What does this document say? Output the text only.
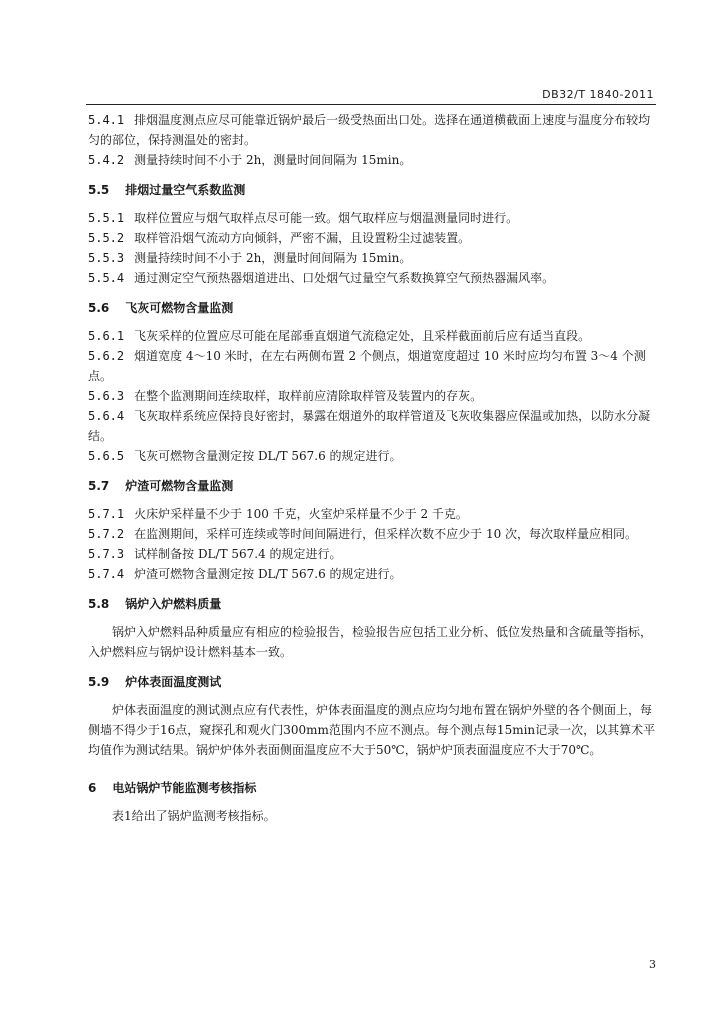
DB32/T 1840-2011
5.4.1 排烟温度测点应尽可能靠近锅炉最后一级受热面出口处。选择在通道横截面上速度与温度分布较均匀的部位，保持测温处的密封。
5.4.2 测量持续时间不小于 2h，测量时间间隔为 15min。
5.5 排烟过量空气系数监测
5.5.1 取样位置应与烟气取样点尽可能一致。烟气取样应与烟温测量同时进行。
5.5.2 取样管沿烟气流动方向倾斜，严密不漏，且设置粉尘过滤装置。
5.5.3 测量持续时间不小于 2h，测量时间间隔为 15min。
5.5.4 通过测定空气预热器烟道进出、口处烟气过量空气系数换算空气预热器漏风率。
5.6 飞灰可燃物含量监测
5.6.1 飞灰采样的位置应尽可能在尾部垂直烟道气流稳定处，且采样截面前后应有适当直段。
5.6.2 烟道宽度 4～10 米时，在左右两侧布置 2 个侧点，烟道宽度超过 10 米时应均匀布置 3～4 个测点。
5.6.3 在整个监测期间连续取样，取样前应清除取样管及装置内的存灰。
5.6.4 飞灰取样系统应保持良好密封，暴露在烟道外的取样管道及飞灰收集器应保温或加热，以防水分凝结。
5.6.5 飞灰可燃物含量测定按 DL/T 567.6 的规定进行。
5.7 炉渣可燃物含量监测
5.7.1 火床炉采样量不少于 100 千克，火室炉采样量不少于 2 千克。
5.7.2 在监测期间，采样可连续或等时间间隔进行，但采样次数不应少于 10 次，每次取样量应相同。
5.7.3 试样制备按 DL/T 567.4 的规定进行。
5.7.4 炉渣可燃物含量测定按 DL/T 567.6 的规定进行。
5.8 锅炉入炉燃料质量
锅炉入炉燃料品种质量应有相应的检验报告，检验报告应包括工业分析、低位发热量和含硫量等指标，入炉燃料应与锅炉设计燃料基本一致。
5.9 炉体表面温度测试
炉体表面温度的测试测点应有代表性，炉体表面温度的测点应均匀地布置在锅炉外壁的各个侧面上，每侧墙不得少于16点，窥探孔和观火门300mm范围内不应不测点。每个测点每15min记录一次，以其算术平均值作为测试结果。锅炉炉体外表面侧面温度应不大于50℃，锅炉炉顶表面温度应不大于70℃。
6 电站锅炉节能监测考核指标
表1给出了锅炉监测考核指标。
3
